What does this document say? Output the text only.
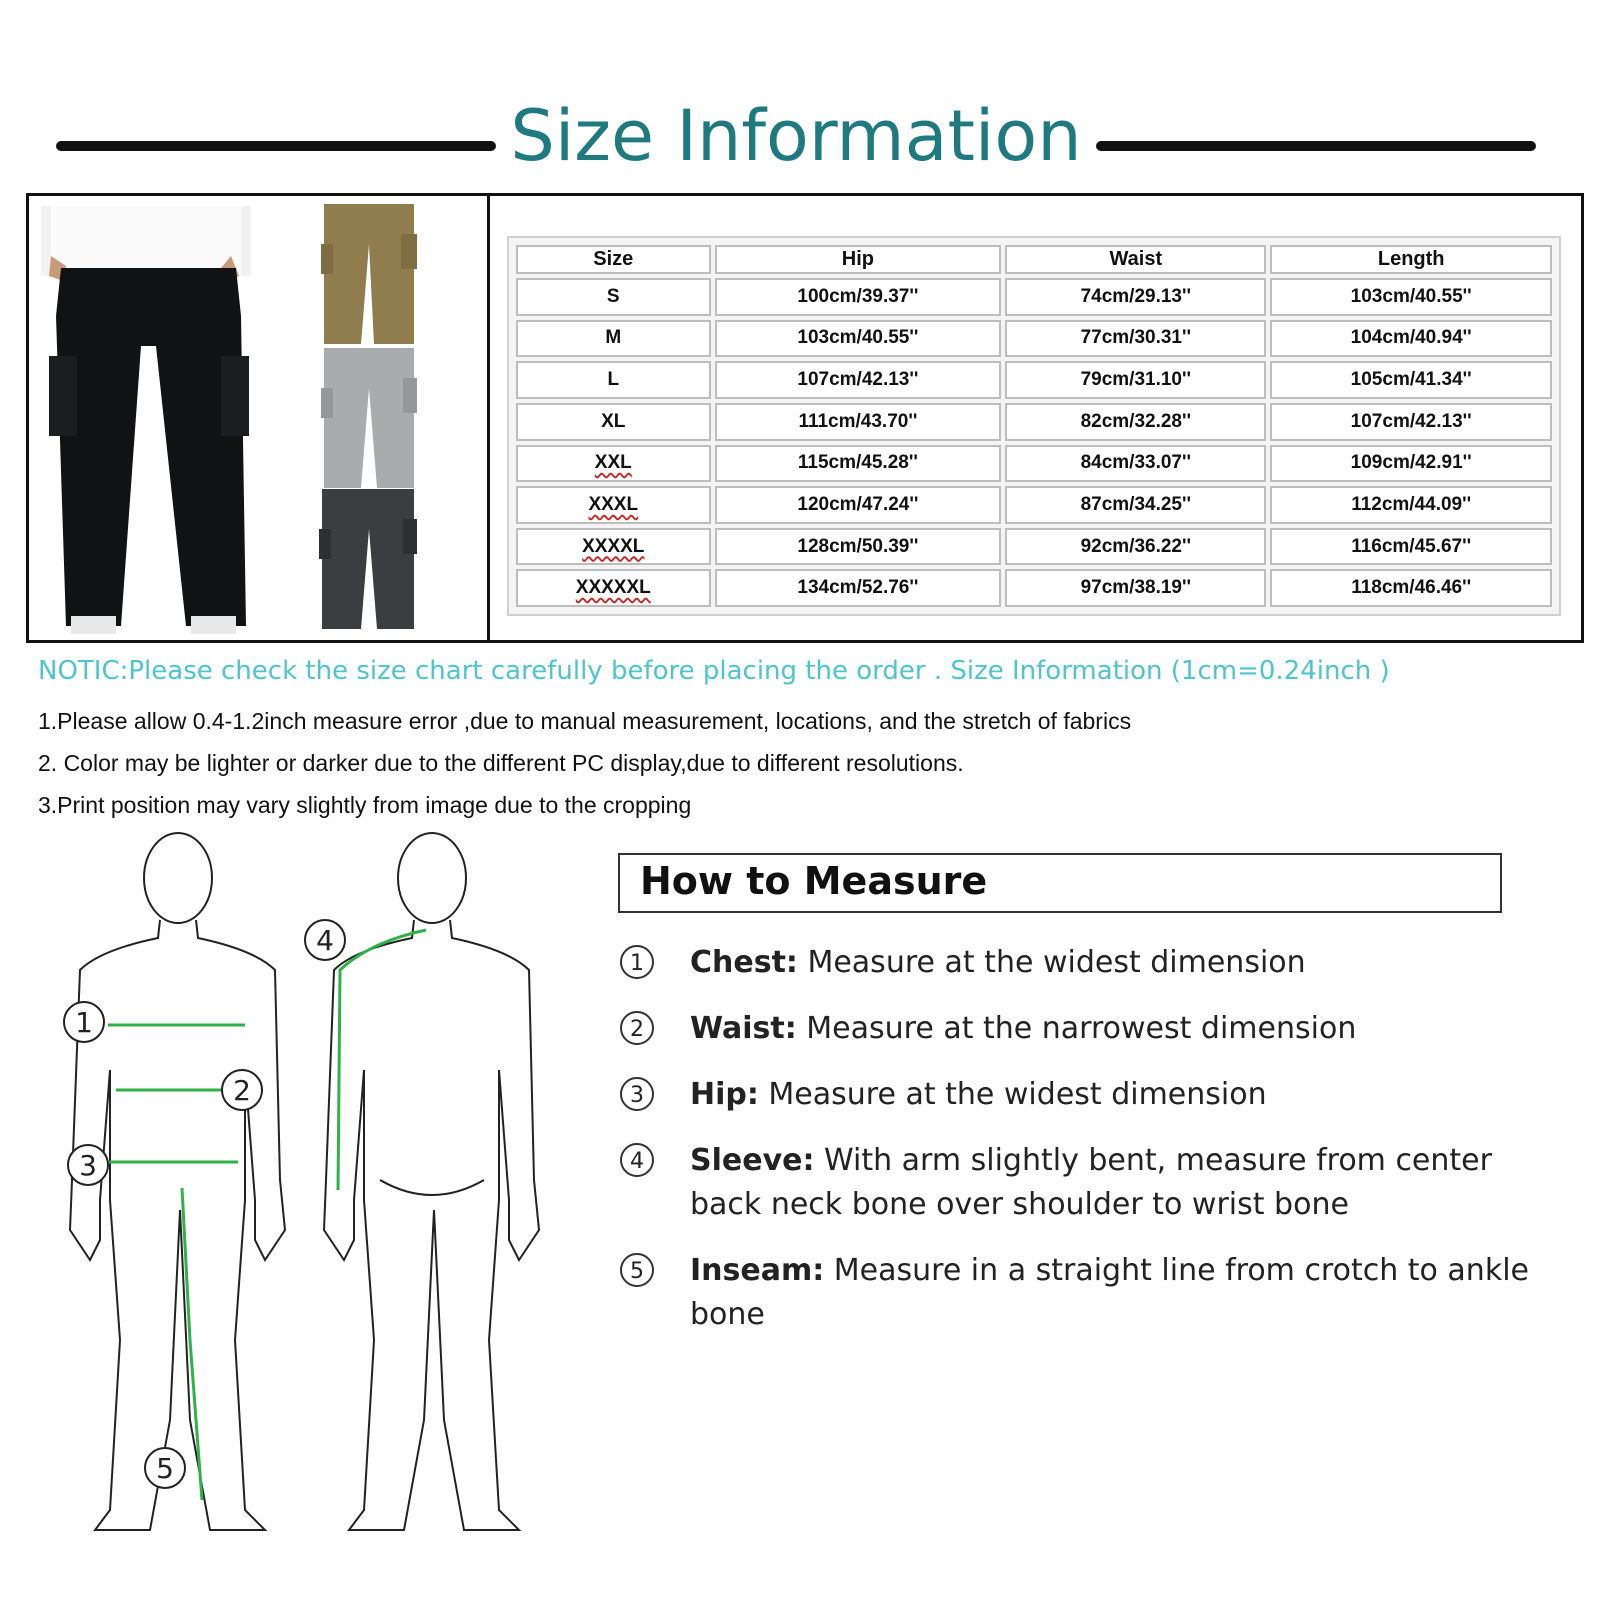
Size Information
Size	Hip	Waist	Length
S	100cm/39.37''	74cm/29.13''	103cm/40.55''
M	103cm/40.55''	77cm/30.31''	104cm/40.94''
L	107cm/42.13''	79cm/31.10''	105cm/41.34''
XL	111cm/43.70''	82cm/32.28''	107cm/42.13''
XXL	115cm/45.28''	84cm/33.07''	109cm/42.91''
XXXL	120cm/47.24''	87cm/34.25''	112cm/44.09''
XXXXL	128cm/50.39''	92cm/36.22''	116cm/45.67''
XXXXXL	134cm/52.76''	97cm/38.19''	118cm/46.46''
NOTIC:Please check the size chart carefully before placing the order . Size Information (1cm=0.24inch )
1.Please allow 0.4-1.2inch measure error ,due to manual measurement, locations, and the stretch of fabrics
2. Color may be lighter or darker due to the different PC display,due to different resolutions.
3.Print position may vary slightly from image due to the cropping
1
2
3
4
5
How to Measure
1	Chest: Measure at the widest dimension
2	Waist: Measure at the narrowest dimension
3	Hip: Measure at the widest dimension
4	Sleeve: With arm slightly bent, measure from center back neck bone over shoulder to wrist bone
5	Inseam: Measure in a straight line from crotch to ankle bone
